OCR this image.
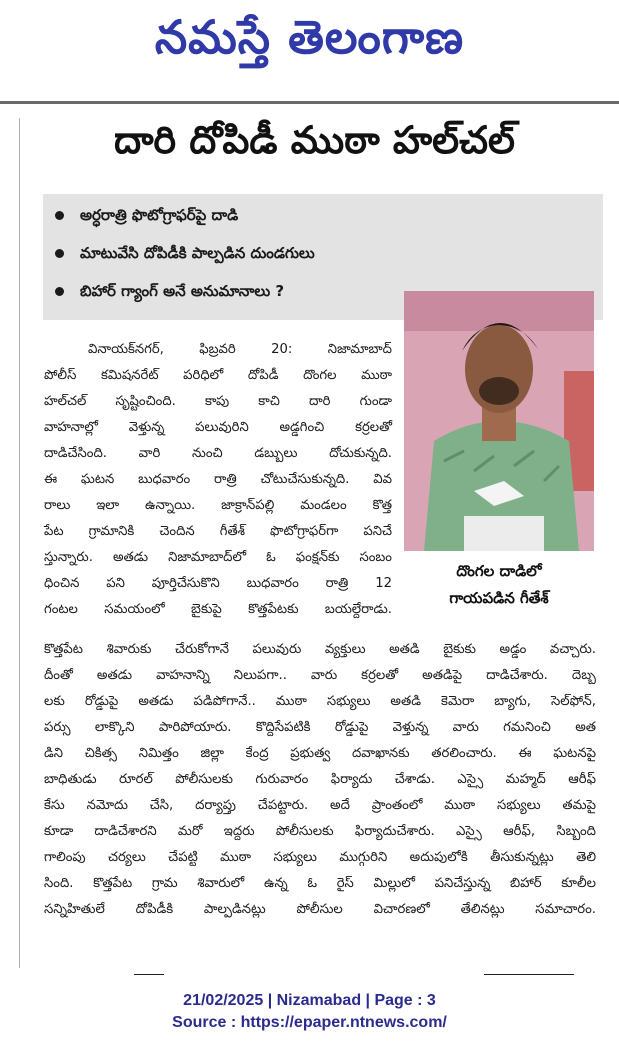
నమస్తే తెలంగాణ
దారి దోపిడీ ముఠా హల్‌చల్‌
అర్ధరాత్రి ఫొటోగ్రాఫర్‌పై దాడి
మాటువేసి దోపిడీకి పాల్పడిన దుండగులు
బిహార్‌ గ్యాంగ్‌ అనే అనుమానాలు ?
దొంగల దాడిలో
గాయపడిన గీతేశ్‌
వినాయక్‌నగర్‌, ఫిబ్రవరి 20: నిజామాబాద్‌
పోలీస్‌ కమిషనరేట్‌ పరిధిలో దోపిడీ దొంగల ముఠా
హల్‌చల్‌ సృష్టించింది. కాపు కాచి దారి గుండా
వాహనాల్లో వెళ్తున్న పలువురిని అడ్డగించి కర్రలతో
దాడిచేసింది. వారి నుంచి డబ్బులు దోచుకున్నది.
ఈ ఘటన బుధవారం రాత్రి చోటుచేసుకున్నది. వివ
రాలు ఇలా ఉన్నాయి. జాక్రాన్‌పల్లి మండలం కొత్త
పేట గ్రామానికి చెందిన గీతేశ్‌ ఫొటోగ్రాఫర్‌గా పనిచే
స్తున్నారు. అతడు నిజామాబాద్‌లో ఓ ఫంక్షన్‌కు సంబం
ధించిన పని పూర్తిచేసుకొని బుధవారం రాత్రి 12
గంటల సమయంలో బైకుపై కొత్తపేటకు బయల్దేరాడు.
కొత్తపేట శివారుకు చేరుకోగానే పలువురు వ్యక్తులు అతడి బైకుకు అడ్డం వచ్చారు.
దీంతో అతడు వాహనాన్ని నిలుపగా.. వారు కర్రలతో అతడిపై దాడిచేశారు. దెబ్బ
లకు రోడ్డుపై అతడు పడిపోగానే.. ముఠా సభ్యులు అతడి కెమెరా బ్యాగు, సెల్‌ఫోన్‌,
పర్సు లాక్కొని పారిపోయారు. కొద్దిసేపటికి రోడ్డుపై వెళ్తున్న వారు గమనించి అత
డిని చికిత్స నిమిత్తం జిల్లా కేంద్ర ప్రభుత్వ దవాఖానకు తరలించారు. ఈ ఘటనపై
బాధితుడు రూరల్‌ పోలీసులకు గురువారం ఫిర్యాదు చేశాడు. ఎస్సై మహ్మద్‌ ఆరీఫ్‌
కేసు నమోదు చేసి, దర్యాప్తు చేపట్టారు. అదే ప్రాంతంలో ముఠా సభ్యులు తమపై
కూడా దాడిచేశారని మరో ఇద్దరు పోలీసులకు ఫిర్యాదుచేశారు. ఎస్సై ఆరీఫ్‌, సిబ్బంది
గాలింపు చర్యలు చేపట్టి ముఠా సభ్యులు ముగ్గురిని అదుపులోకి తీసుకున్నట్లు తెలి
సింది. కొత్తపేట గ్రామ శివారులో ఉన్న ఓ రైస్‌ మిల్లులో పనిచేస్తున్న బిహార్‌ కూలీల
సన్నిహితులే దోపిడీకి పాల్పడినట్లు పోలీసుల విచారణలో తేలినట్లు సమాచారం.
21/02/2025 | Nizamabad | Page : 3
Source : https://epaper.ntnews.com/
